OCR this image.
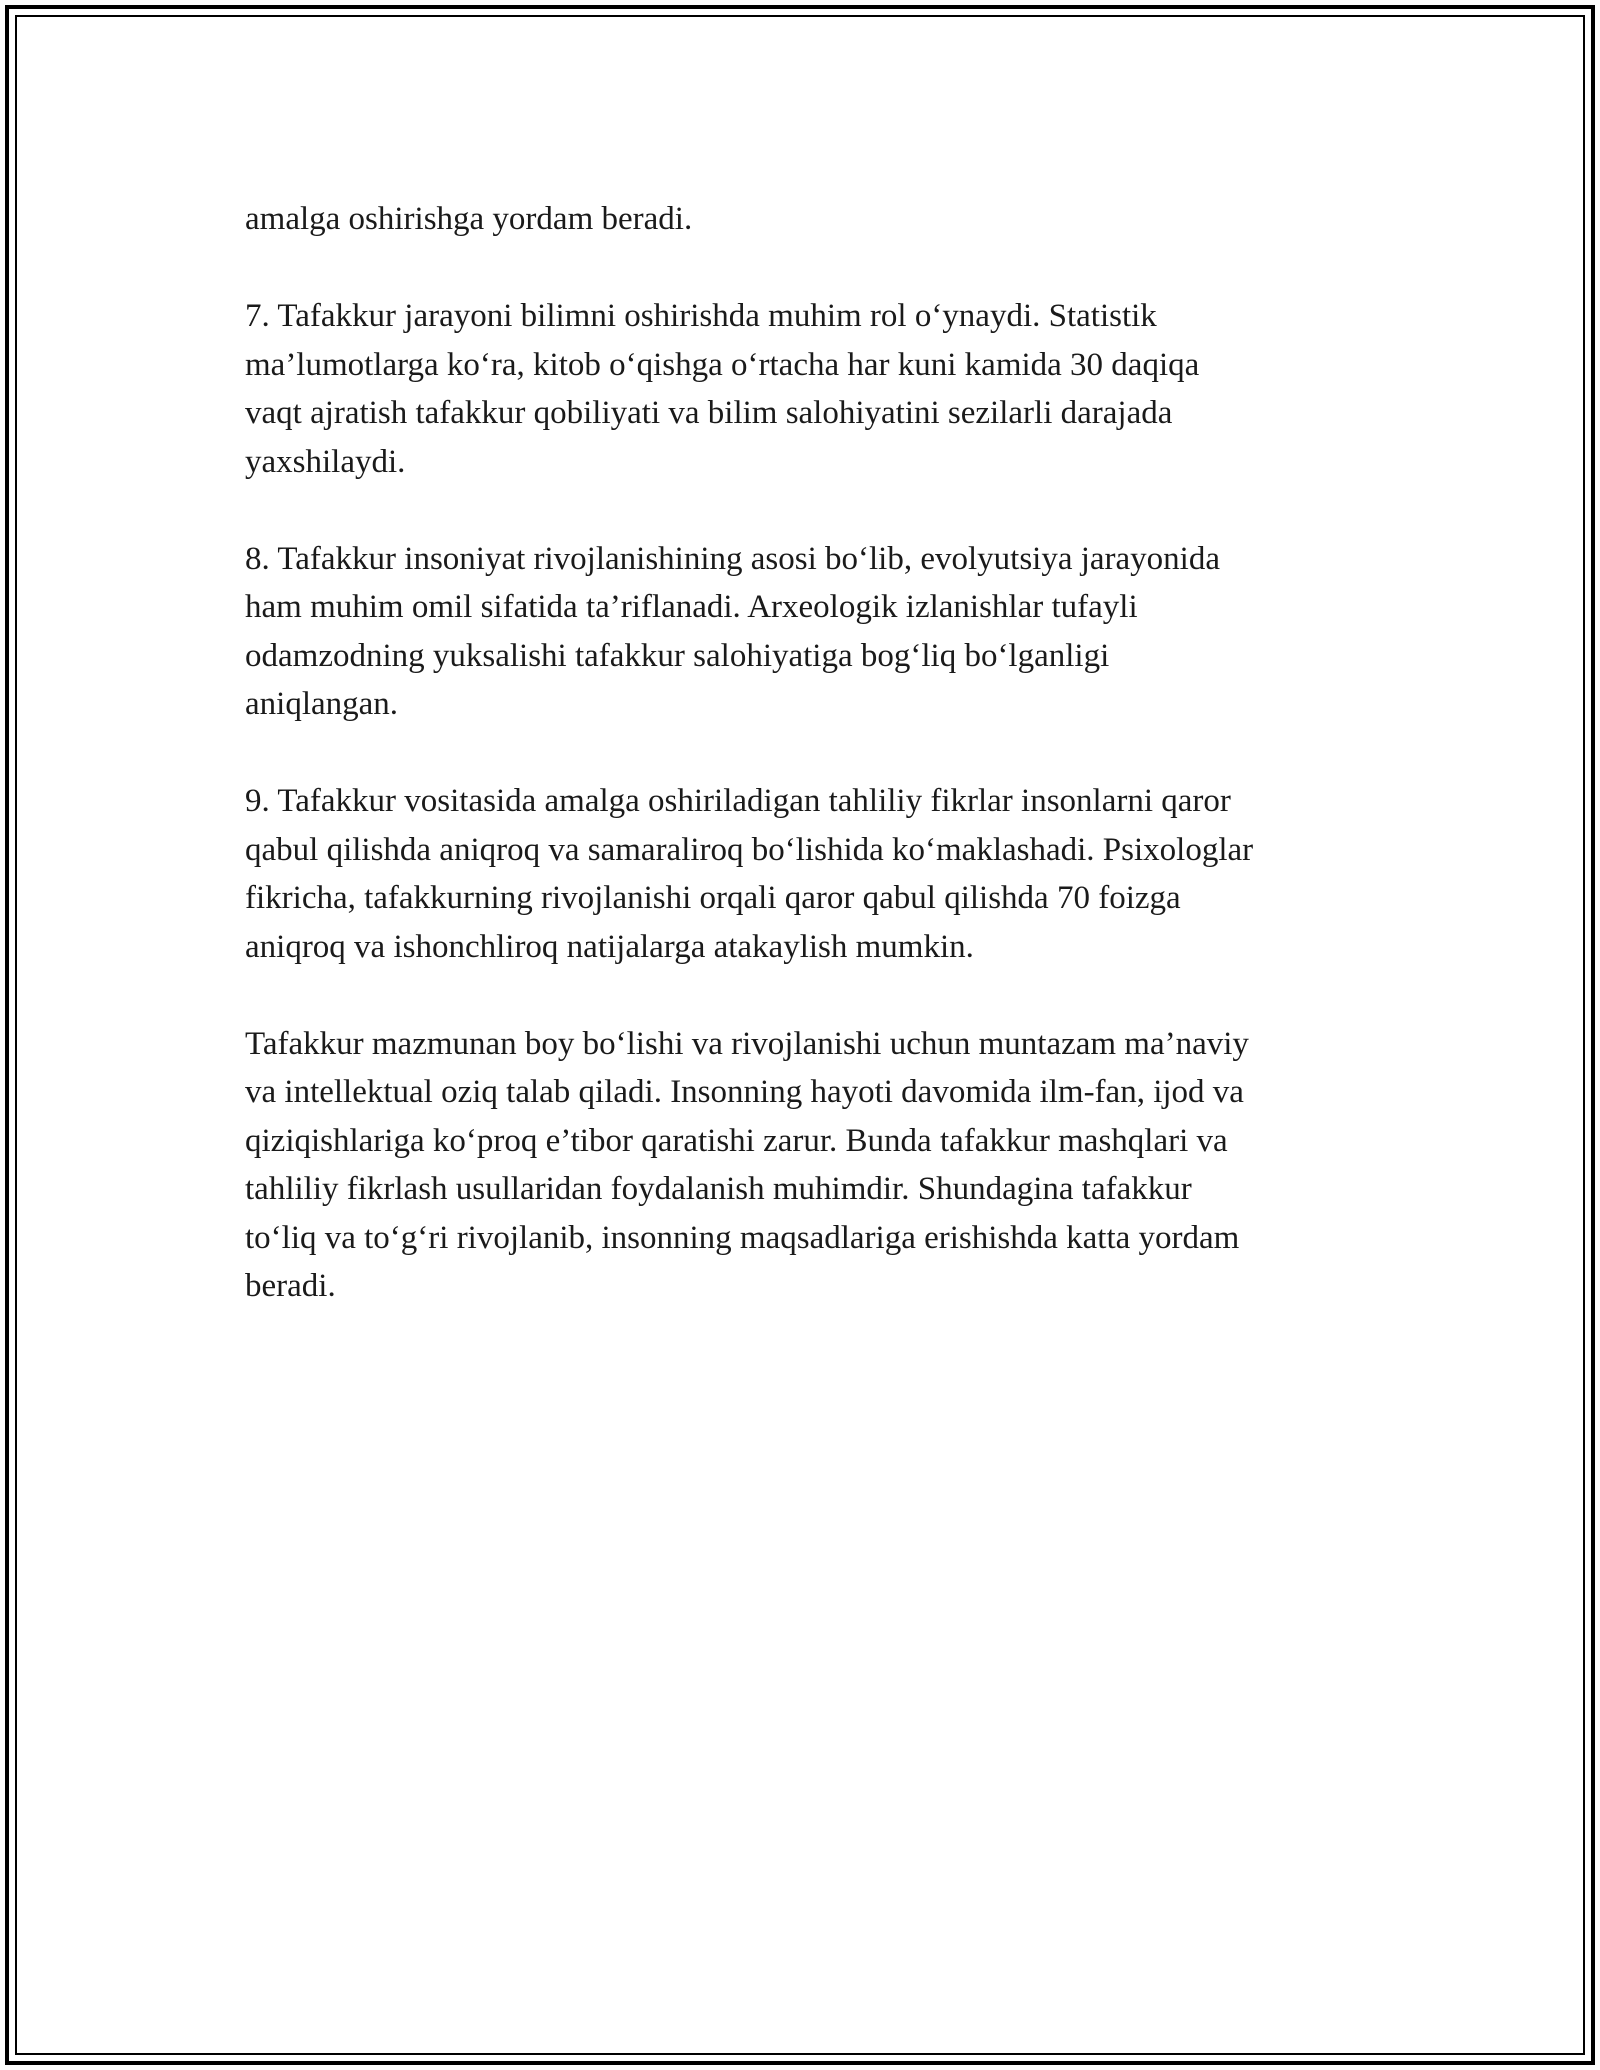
amalga oshirishga yordam beradi.

7. Tafakkur jarayoni bilimni oshirishda muhim rol o‘ynaydi. Statistik
ma’lumotlarga ko‘ra, kitob o‘qishga o‘rtacha har kuni kamida 30 daqiqa
vaqt ajratish tafakkur qobiliyati va bilim salohiyatini sezilarli darajada
yaxshilaydi.

8. Tafakkur insoniyat rivojlanishining asosi bo‘lib, evolyutsiya jarayonida
ham muhim omil sifatida ta’riflanadi. Arxeologik izlanishlar tufayli
odamzodning yuksalishi tafakkur salohiyatiga bog‘liq bo‘lganligi
aniqlangan.

9. Tafakkur vositasida amalga oshiriladigan tahliliy fikrlar insonlarni qaror
qabul qilishda aniqroq va samaraliroq bo‘lishida ko‘maklashadi. Psixologlar
fikricha, tafakkurning rivojlanishi orqali qaror qabul qilishda 70 foizga
aniqroq va ishonchliroq natijalarga atakaylish mumkin.

Tafakkur mazmunan boy bo‘lishi va rivojlanishi uchun muntazam ma’naviy
va intellektual oziq talab qiladi. Insonning hayoti davomida ilm-fan, ijod va
qiziqishlariga ko‘proq e’tibor qaratishi zarur. Bunda tafakkur mashqlari va
tahliliy fikrlash usullaridan foydalanish muhimdir. Shundagina tafakkur
to‘liq va to‘g‘ri rivojlanib, insonning maqsadlariga erishishda katta yordam
beradi.
